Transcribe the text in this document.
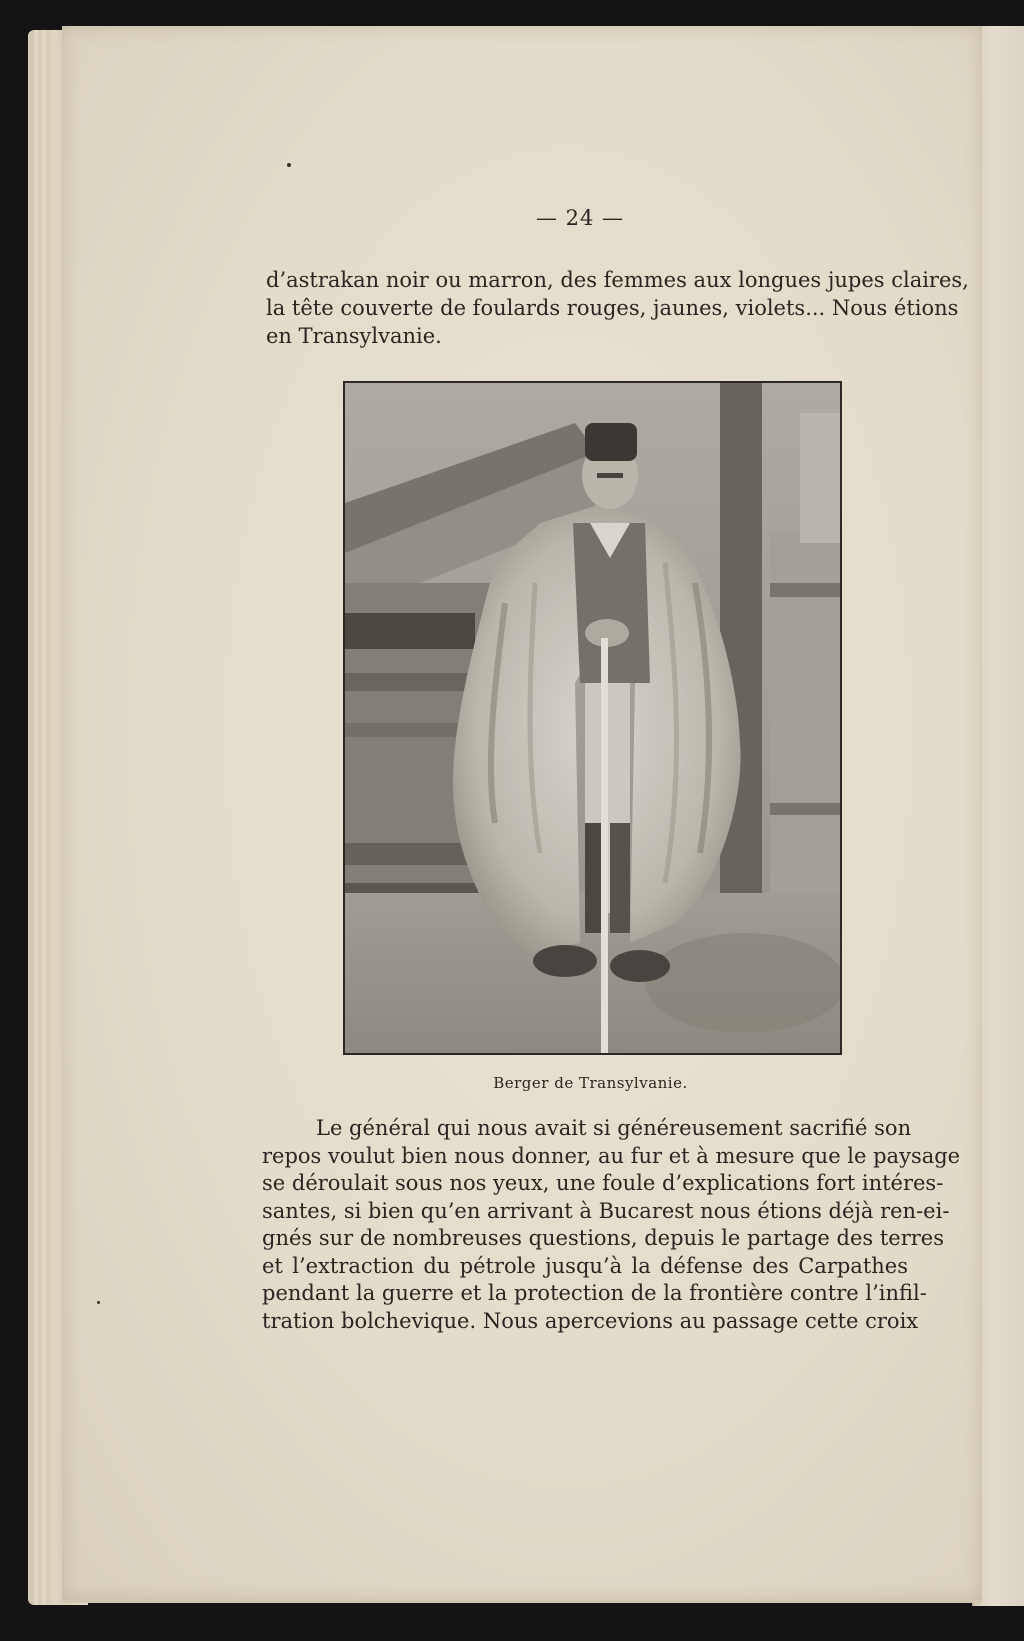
— 24 —
d’astrakan noir ou marron, des femmes aux longues jupes claires,
la tête couverte de foulards rouges, jaunes, violets... Nous étions
en Transylvanie.
Berger de Transylvanie.
Le général qui nous avait si généreusement sacrifié son
repos voulut bien nous donner, au fur et à mesure que le paysage
se déroulait sous nos yeux, une foule d’explications fort intéres-
santes, si bien qu’en arrivant à Bucarest nous étions déjà ren-ei-
gnés sur de nombreuses questions, depuis le partage des terres
et l’extraction du pétrole jusqu’à la défense des Carpathes
pendant la guerre et la protection de la frontière contre l’infil-
tration bolchevique. Nous apercevions au passage cette croix
